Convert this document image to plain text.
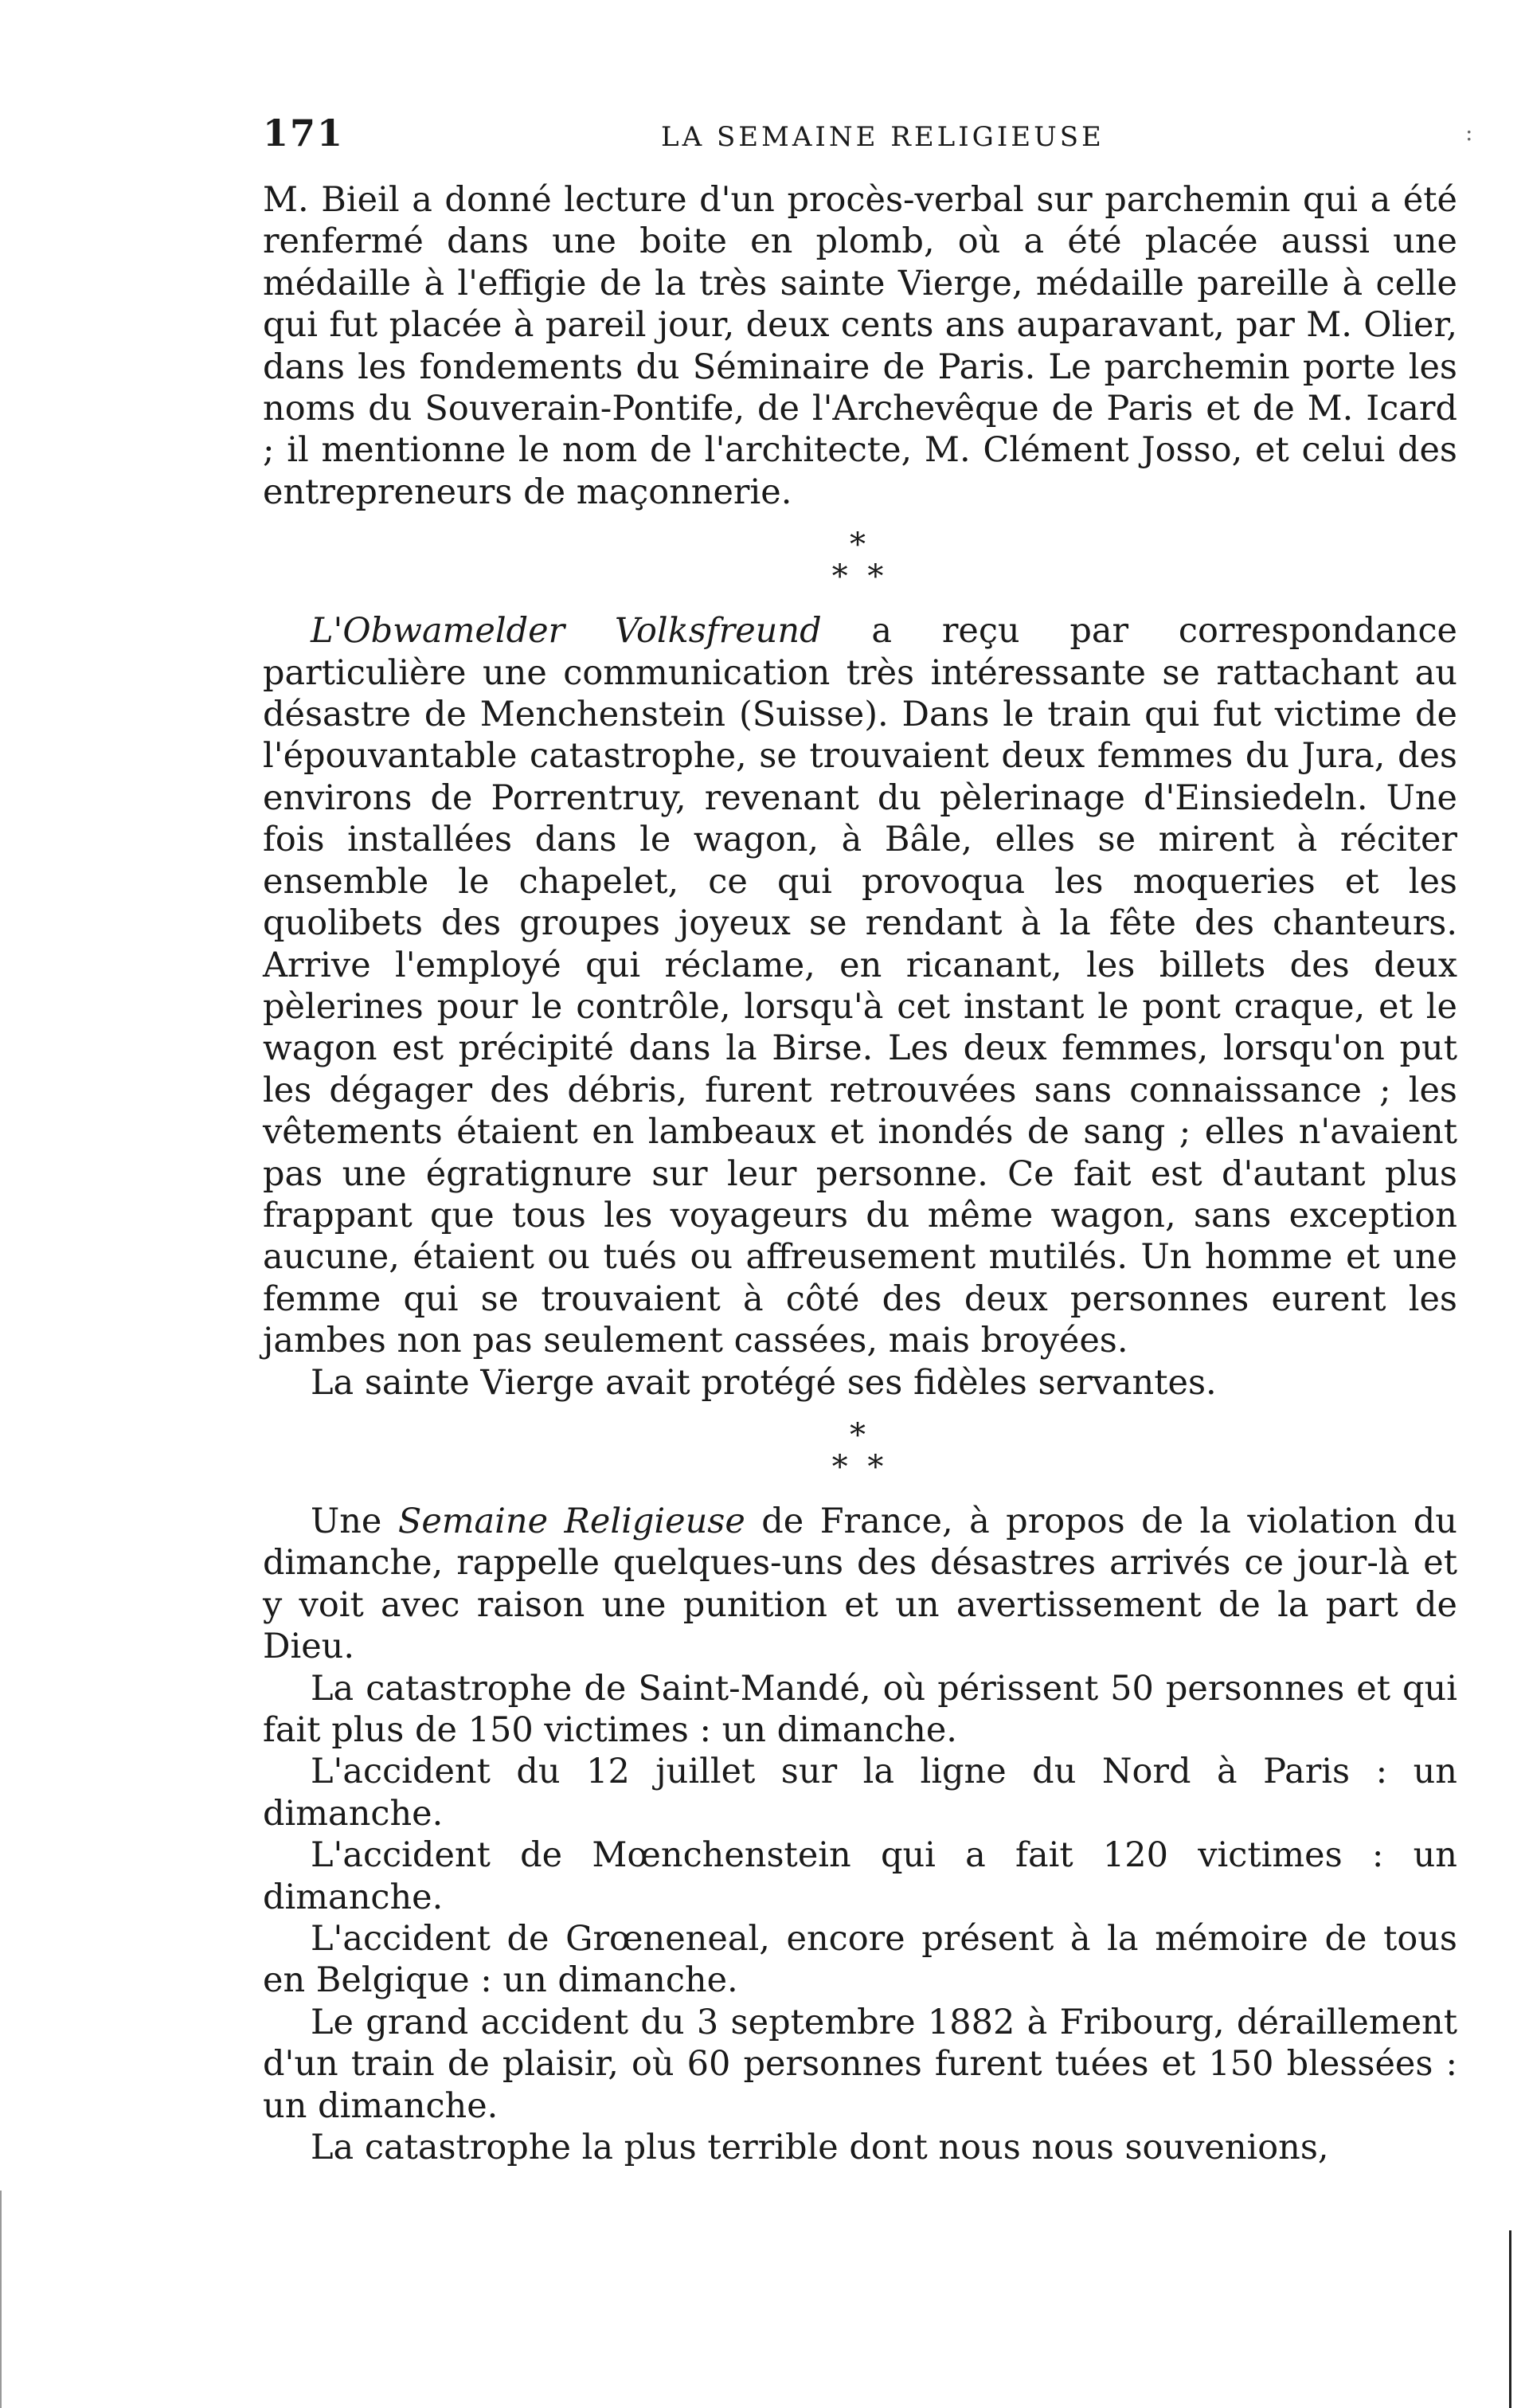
171	LA SEMAINE RELIGIEUSE	:

M. Bieil a donné lecture d'un procès-verbal sur parchemin qui a été renfermé dans une boite en plomb, où a été placée aussi une médaille à l'effigie de la très sainte Vierge, médaille pareille à celle qui fut placée à pareil jour, deux cents ans auparavant, par M. Olier, dans les fondements du Séminaire de Paris. Le parchemin porte les noms du Souverain-Pontife, de l'Archevêque de Paris et de M. Icard ; il mentionne le nom de l'architecte, M. Clément Josso, et celui des entrepreneurs de maçonnerie.

*
* *

L'Obwamelder Volksfreund a reçu par correspondance particulière une communication très intéressante se rattachant au désastre de Menchenstein (Suisse). Dans le train qui fut victime de l'épouvantable catastrophe, se trouvaient deux femmes du Jura, des environs de Porrentruy, revenant du pèlerinage d'Einsiedeln. Une fois installées dans le wagon, à Bâle, elles se mirent à réciter ensemble le chapelet, ce qui provoqua les moqueries et les quolibets des groupes joyeux se rendant à la fête des chanteurs. Arrive l'employé qui réclame, en ricanant, les billets des deux pèlerines pour le contrôle, lorsqu'à cet instant le pont craque, et le wagon est précipité dans la Birse. Les deux femmes, lorsqu'on put les dégager des débris, furent retrouvées sans connaissance ; les vêtements étaient en lambeaux et inondés de sang ; elles n'avaient pas une égratignure sur leur personne. Ce fait est d'autant plus frappant que tous les voyageurs du même wagon, sans exception aucune, étaient ou tués ou affreusement mutilés. Un homme et une femme qui se trouvaient à côté des deux personnes eurent les jambes non pas seulement cassées, mais broyées.

La sainte Vierge avait protégé ses fidèles servantes.

*
* *

Une Semaine Religieuse de France, à propos de la violation du dimanche, rappelle quelques-uns des désastres arrivés ce jour-là et y voit avec raison une punition et un avertissement de la part de Dieu.

La catastrophe de Saint-Mandé, où périssent 50 personnes et qui fait plus de 150 victimes : un dimanche.

L'accident du 12 juillet sur la ligne du Nord à Paris : un dimanche.

L'accident de Mœnchenstein qui a fait 120 victimes : un dimanche.

L'accident de Grœneneal, encore présent à la mémoire de tous en Belgique : un dimanche.

Le grand accident du 3 septembre 1882 à Fribourg, déraillement d'un train de plaisir, où 60 personnes furent tuées et 150 blessées : un dimanche.

La catastrophe la plus terrible dont nous nous souvenions,
